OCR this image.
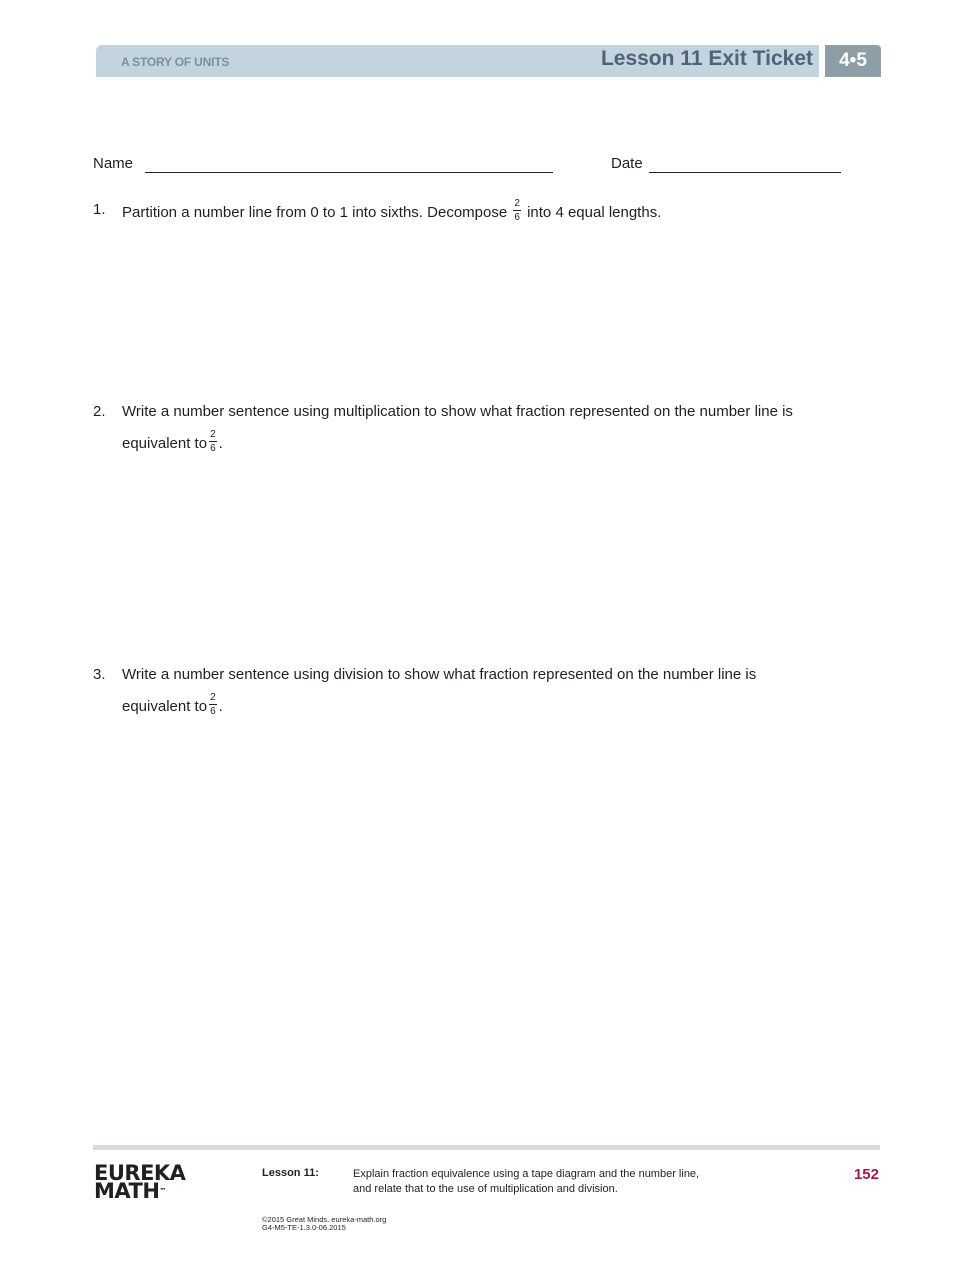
A STORY OF UNITS	Lesson 11 Exit Ticket	4•5
Name	Date
1. Partition a number line from 0 to 1 into sixths. Decompose $\frac{2}{6}$ into 4 equal lengths.
2. Write a number sentence using multiplication to show what fraction represented on the number line is
equivalent to $\frac{2}{6}$ .
3. Write a number sentence using division to show what fraction represented on the number line is
equivalent to $\frac{2}{6}$ .
EUREKA
MATH™
Lesson 11:	Explain fraction equivalence using a tape diagram and the number line, and relate that to the use of multiplication and division.
152
©2015 Great Minds. eureka-math.org
G4-M5-TE-1.3.0-06.2015
